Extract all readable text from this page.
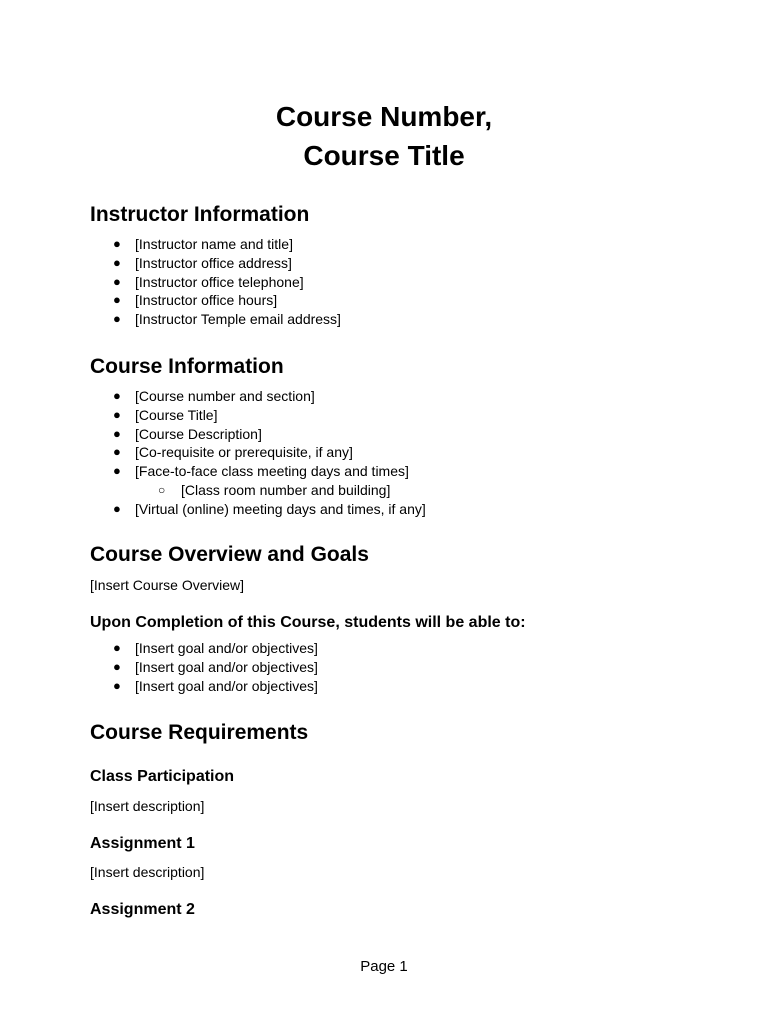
Course Number,
Course Title
Instructor Information
● [Instructor name and title]
● [Instructor office address]
● [Instructor office telephone]
● [Instructor office hours]
● [Instructor Temple email address]
Course Information
● [Course number and section]
● [Course Title]
● [Course Description]
● [Co-requisite or prerequisite, if any]
● [Face-to-face class meeting days and times]
○ [Class room number and building]
● [Virtual (online) meeting days and times, if any]
Course Overview and Goals
[Insert Course Overview]
Upon Completion of this Course, students will be able to:
● [Insert goal and/or objectives]
● [Insert goal and/or objectives]
● [Insert goal and/or objectives]
Course Requirements
Class Participation
[Insert description]
Assignment 1
[Insert description]
Assignment 2
Page 1
